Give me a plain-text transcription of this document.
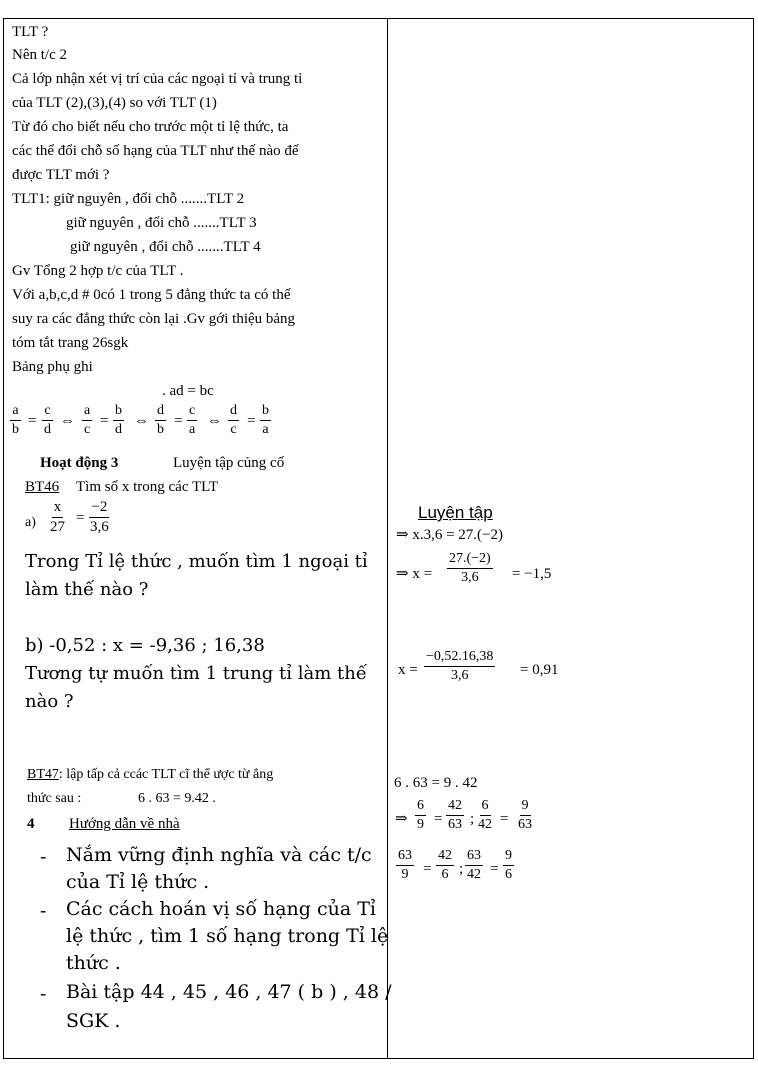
TLT ?
Nên t/c 2
Cả lớp nhận xét vị trí của các ngoại tỉ và trung tỉ
của TLT (2),(3),(4) so với TLT (1)
Từ đó cho biết nếu cho trước một tỉ lệ thức, ta
các thể đổi chỗ số hạng của TLT như thế nào để
được TLT mới ?
TLT1: giữ nguyên , đổi chỗ .......TLT 2
giữ nguyên , đổi chỗ .......TLT 3
giữ nguyên , đổi chỗ .......TLT 4
Gv Tổng 2 hợp t/c của TLT .
Với a,b,c,d # 0có 1 trong 5 đẳng thức ta có thể
suy ra các đẳng thức còn lại .Gv gới thiệu bảng
tóm tắt trang 26sgk
Bảng phụ ghi
. ad = bc
$\frac{a}{b} = \frac{c}{d}$ ⇔ $\frac{a}{c} = \frac{b}{d}$ ⇔ $\frac{d}{b} = \frac{c}{a}$ ⇔ $\frac{d}{c} = \frac{b}{a}$
Hoạt động 3	Luyện tập củng cố
BT46 Tìm số x trong các TLT
$a) \frac{x}{27} = \frac{-2}{3,6}$
Trong Tỉ lệ thức , muốn tìm 1 ngoại tỉ
làm thế nào ?
b) -0,52 : x = -9,36 ; 16,38
Tương tự muốn tìm 1 trung tỉ làm thế
nào ?
BT47: lập tấp cả ccác TLT cĩ thể ược từ ẳng
thức sau :	6 . 63 = 9.42 .
4 Hướng dẫn về nhà
- Nắm vững định nghĩa và các t/c
của Tỉ lệ thức .
- Các cách hoán vị số hạng của Tỉ
lệ thức , tìm 1 số hạng trong Tỉ lệ
thức .
- Bài tập 44 , 45 , 46 , 47 ( b ) , 48 /
SGK .
Luyện tập
⇒ x.3,6 = 27.(−2)
⇒ $x = \frac{27.(-2)}{3,6} = -1,5$
$x = \frac{-0,52.16,38}{3,6} = 0,91$
6 . 63 = 9 . 42
⇒ $\frac{6}{9} = \frac{42}{63}$ ; $\frac{6}{42} = \frac{9}{63}$
$\frac{63}{9} = \frac{42}{6}$ ; $\frac{63}{42} = \frac{9}{6}$
